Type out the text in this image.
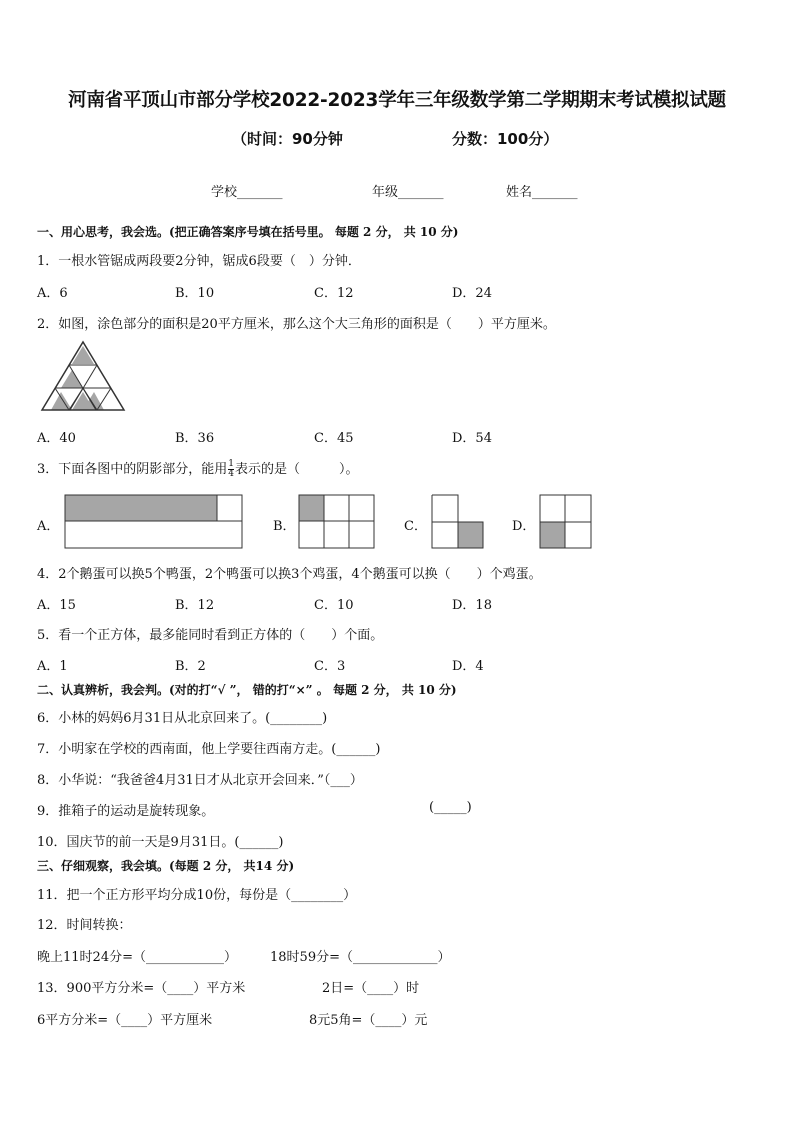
河南省平顶山市部分学校2022-2023学年三年级数学第二学期期末考试模拟试题
（时间：90分钟	分数：100分）
学校_______	年级_______	姓名_______
一、用心思考，我会选。(把正确答案序号填在括号里。 每题 2 分， 共 10 分)
1．一根水管锯成两段要2分钟，锯成6段要（　）分钟．
A．6	B．10	C．12	D．24
2．如图，涂色部分的面积是20平方厘米，那么这个大三角形的面积是（　　）平方厘米。
A．40	B．36	C．45	D．54
3．下面各图中的阴影部分，能用 $\frac{1}{4}$ 表示的是（　　　）。
A．	B．	C．	D．
4．2个鹅蛋可以换5个鸭蛋，2个鸭蛋可以换3个鸡蛋，4个鹅蛋可以换（　　）个鸡蛋。
A．15	B．12	C．10	D．18
5．看一个正方体，最多能同时看到正方体的（　　）个面。
A．1	B．2	C．3	D．4
二、认真辨析，我会判。(对的打“√ ”， 错的打“×” 。 每题 2 分， 共 10 分)
6．小林的妈妈6月31日从北京回来了。(________)
7．小明家在学校的西南面，他上学要往西南方走。(______)
8．小华说：“我爸爸4月31日才从北京开会回来．”（___）
9．推箱子的运动是旋转现象。	(_____)
10．国庆节的前一天是9月31日。(______)
三、仔细观察，我会填。(每题 2 分， 共14 分)
11．把一个正方形平均分成10份，每份是（________）
12．时间转换：
晚上11时24分=（____________）	18时59分=（_____________）
13．900平方分米=（____）平方米	2日=（____）时
6平方分米=（____）平方厘米	8元5角=（____）元
